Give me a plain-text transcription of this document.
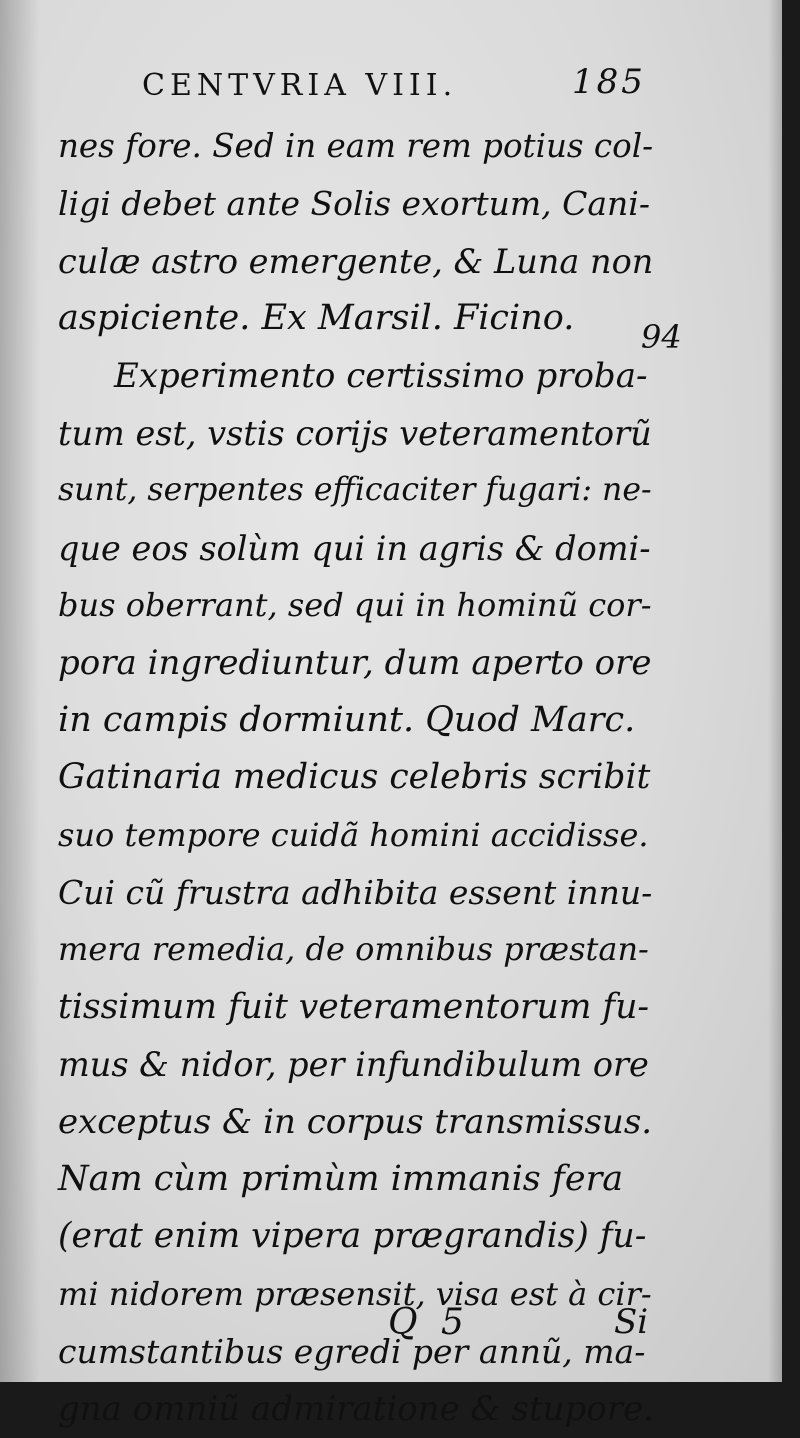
CENTVRIA VIII.	185
nes fore. Sed in eam rem potius col-
ligi debet ante Solis exortum, Cani-
culæ astro emergente, & Luna non
aspiciente. Ex Marsil. Ficino.
Experimento certissimo proba-
tum est, vstis corijs veteramentorũ
sunt, serpentes efficaciter fugari: ne-
que eos solùm qui in agris & domi-
bus oberrant, sed qui in hominũ cor-
pora ingrediuntur, dum aperto ore
in campis dormiunt. Quod Marc.
Gatinaria medicus celebris scribit
suo tempore cuidã homini accidisse.
Cui cũ frustra adhibita essent innu-
mera remedia, de omnibus præstan-
tissimum fuit veteramentorum fu-
mus & nidor, per infundibulum ore
exceptus & in corpus transmissus.
Nam cùm primùm immanis fera
(erat enim vipera prægrandis) fu-
mi nidorem præsensit, visa est à cir-
cumstantibus egredi per annũ, ma-
gna omniũ admiratione & stupore.
94
Q 5	Si
